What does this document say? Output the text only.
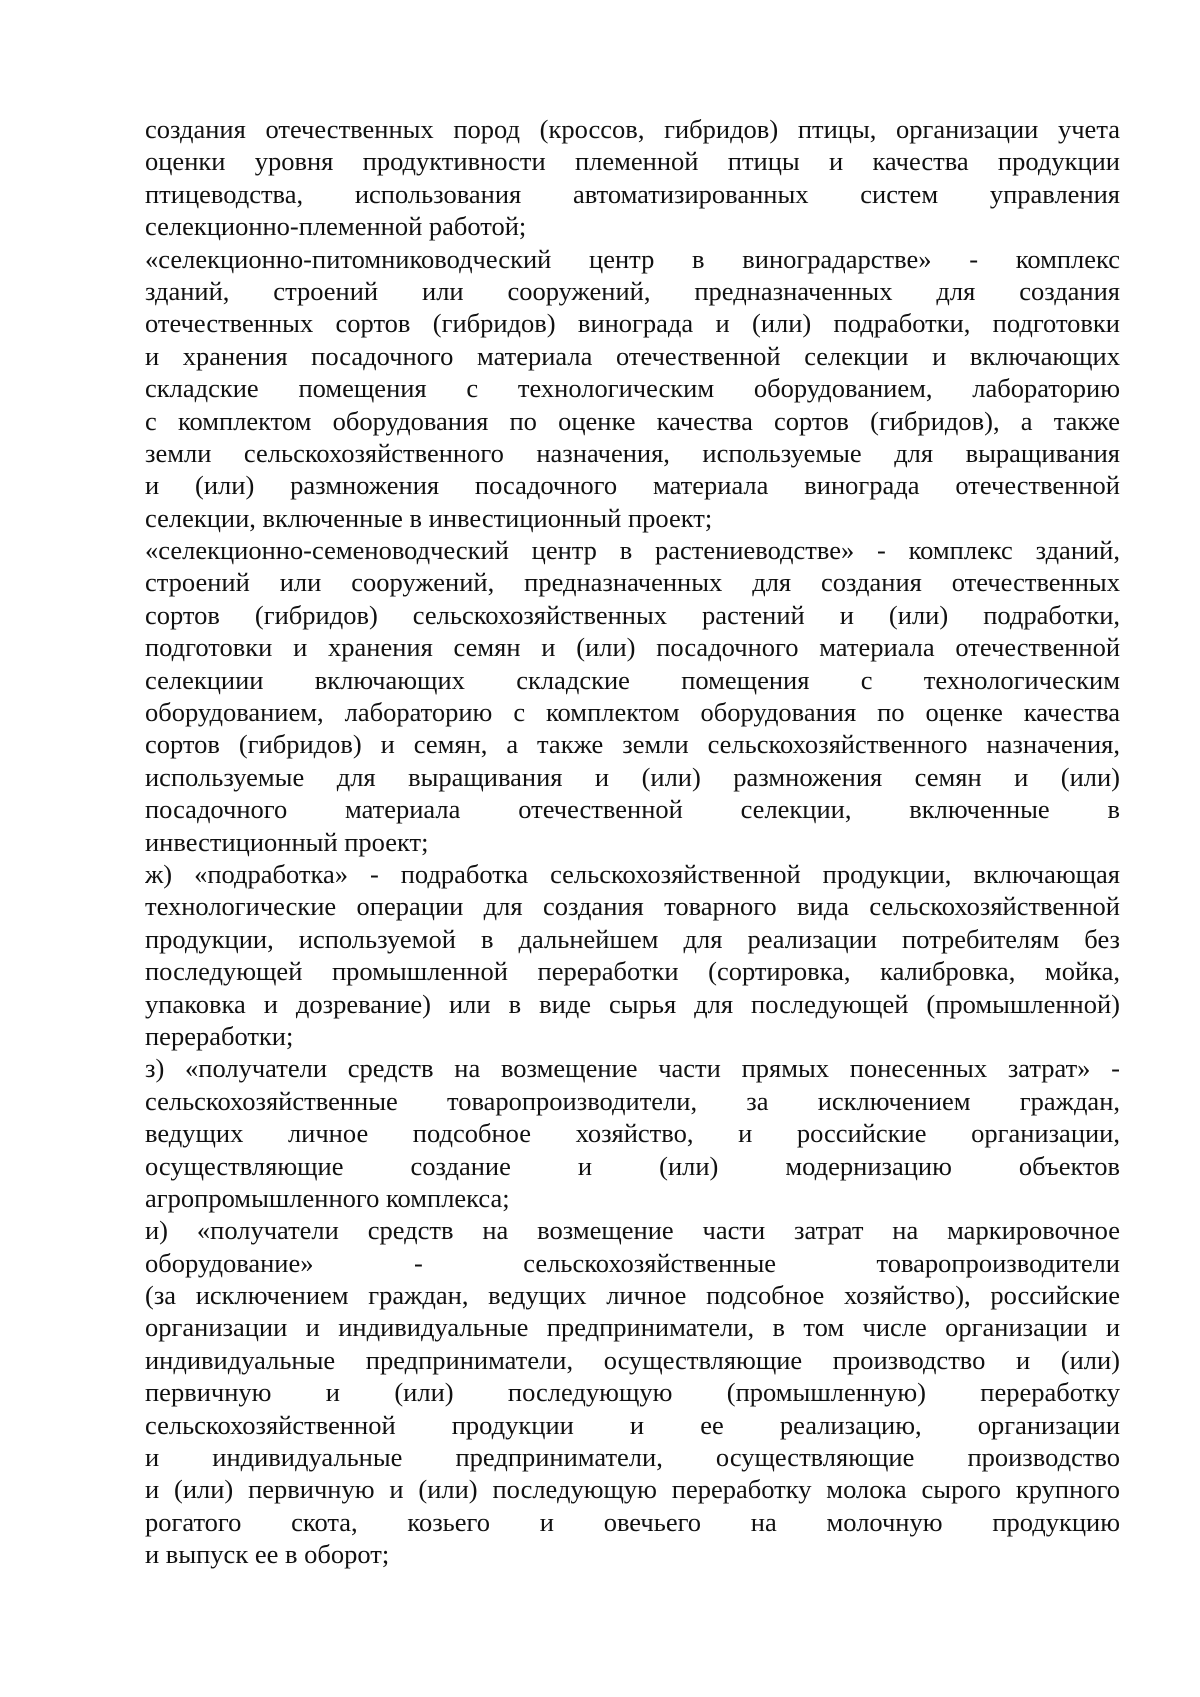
создания отечественных пород (кроссов, гибридов) птицы, организации учета
оценки уровня продуктивности племенной птицы и качества продукции
птицеводства, использования автоматизированных систем управления
селекционно-племенной работой;
«селекционно-питомниководческий центр в виноградарстве» - комплекс
зданий, строений или сооружений, предназначенных для создания
отечественных сортов (гибридов) винограда и (или) подработки, подготовки
и хранения посадочного материала отечественной селекции и включающих
складские помещения с технологическим оборудованием, лабораторию
с комплектом оборудования по оценке качества сортов (гибридов), а также
земли сельскохозяйственного назначения, используемые для выращивания
и (или) размножения посадочного материала винограда отечественной
селекции, включенные в инвестиционный проект;
«селекционно-семеноводческий центр в растениеводстве» - комплекс зданий,
строений или сооружений, предназначенных для создания отечественных
сортов (гибридов) сельскохозяйственных растений и (или) подработки,
подготовки и хранения семян и (или) посадочного материала отечественной
селекциии включающих складские помещения с технологическим
оборудованием, лабораторию с комплектом оборудования по оценке качества
сортов (гибридов) и семян, а также земли сельскохозяйственного назначения,
используемые для выращивания и (или) размножения семян и (или)
посадочного материала отечественной селекции, включенные в
инвестиционный проект;
ж) «подработка» - подработка сельскохозяйственной продукции, включающая
технологические операции для создания товарного вида сельскохозяйственной
продукции, используемой в дальнейшем для реализации потребителям без
последующей промышленной переработки (сортировка, калибровка, мойка,
упаковка и дозревание) или в виде сырья для последующей (промышленной)
переработки;
з) «получатели средств на возмещение части прямых понесенных затрат» -
сельскохозяйственные товаропроизводители, за исключением граждан,
ведущих личное подсобное хозяйство, и российские организации,
осуществляющие создание и (или) модернизацию объектов
агропромышленного комплекса;
и) «получатели средств на возмещение части затрат на маркировочное
оборудование» - сельскохозяйственные товаропроизводители
(за исключением граждан, ведущих личное подсобное хозяйство), российские
организации и индивидуальные предприниматели, в том числе организации и
индивидуальные предприниматели, осуществляющие производство и (или)
первичную и (или) последующую (промышленную) переработку
сельскохозяйственной продукции и ее реализацию, организации
и индивидуальные предприниматели, осуществляющие производство
и (или) первичную и (или) последующую переработку молока сырого крупного
рогатого скота, козьего и овечьего на молочную продукцию
и выпуск ее в оборот;
